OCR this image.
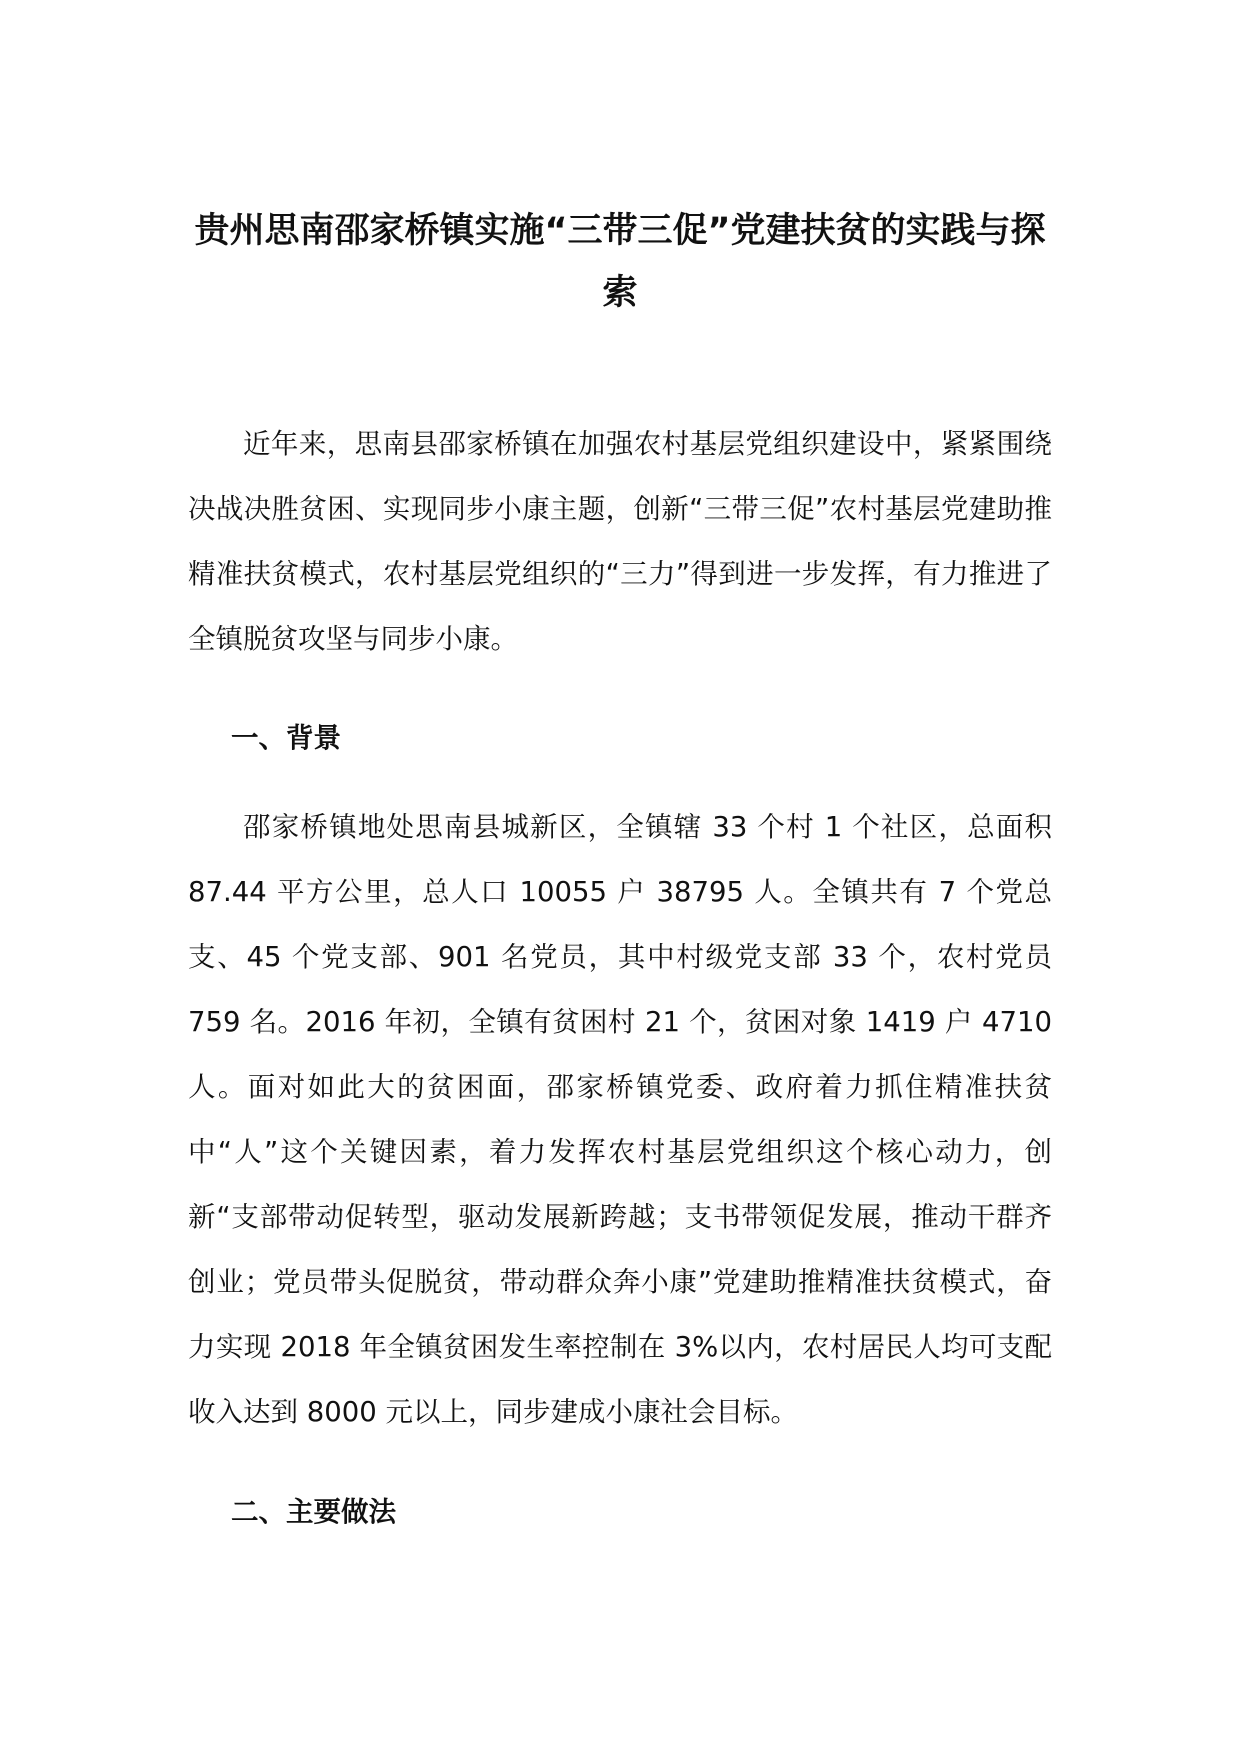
贵州思南邵家桥镇实施“三带三促”党建扶贫的实践与探索

近年来，思南县邵家桥镇在加强农村基层党组织建设中，紧紧围绕决战决胜贫困、实现同步小康主题，创新“三带三促”农村基层党建助推精准扶贫模式，农村基层党组织的“三力”得到进一步发挥，有力推进了全镇脱贫攻坚与同步小康。

一、背景

邵家桥镇地处思南县城新区，全镇辖 33 个村 1 个社区，总面积 87.44 平方公里，总人口 10055 户 38795 人。全镇共有 7 个党总支、45 个党支部、901 名党员，其中村级党支部 33 个，农村党员 759 名。2016 年初，全镇有贫困村 21 个，贫困对象 1419 户 4710 人。面对如此大的贫困面，邵家桥镇党委、政府着力抓住精准扶贫中“人”这个关键因素，着力发挥农村基层党组织这个核心动力，创新“支部带动促转型，驱动发展新跨越；支书带领促发展，推动干群齐创业；党员带头促脱贫，带动群众奔小康”党建助推精准扶贫模式，奋力实现 2018 年全镇贫困发生率控制在 3%以内，农村居民人均可支配收入达到 8000 元以上，同步建成小康社会目标。

二、主要做法
